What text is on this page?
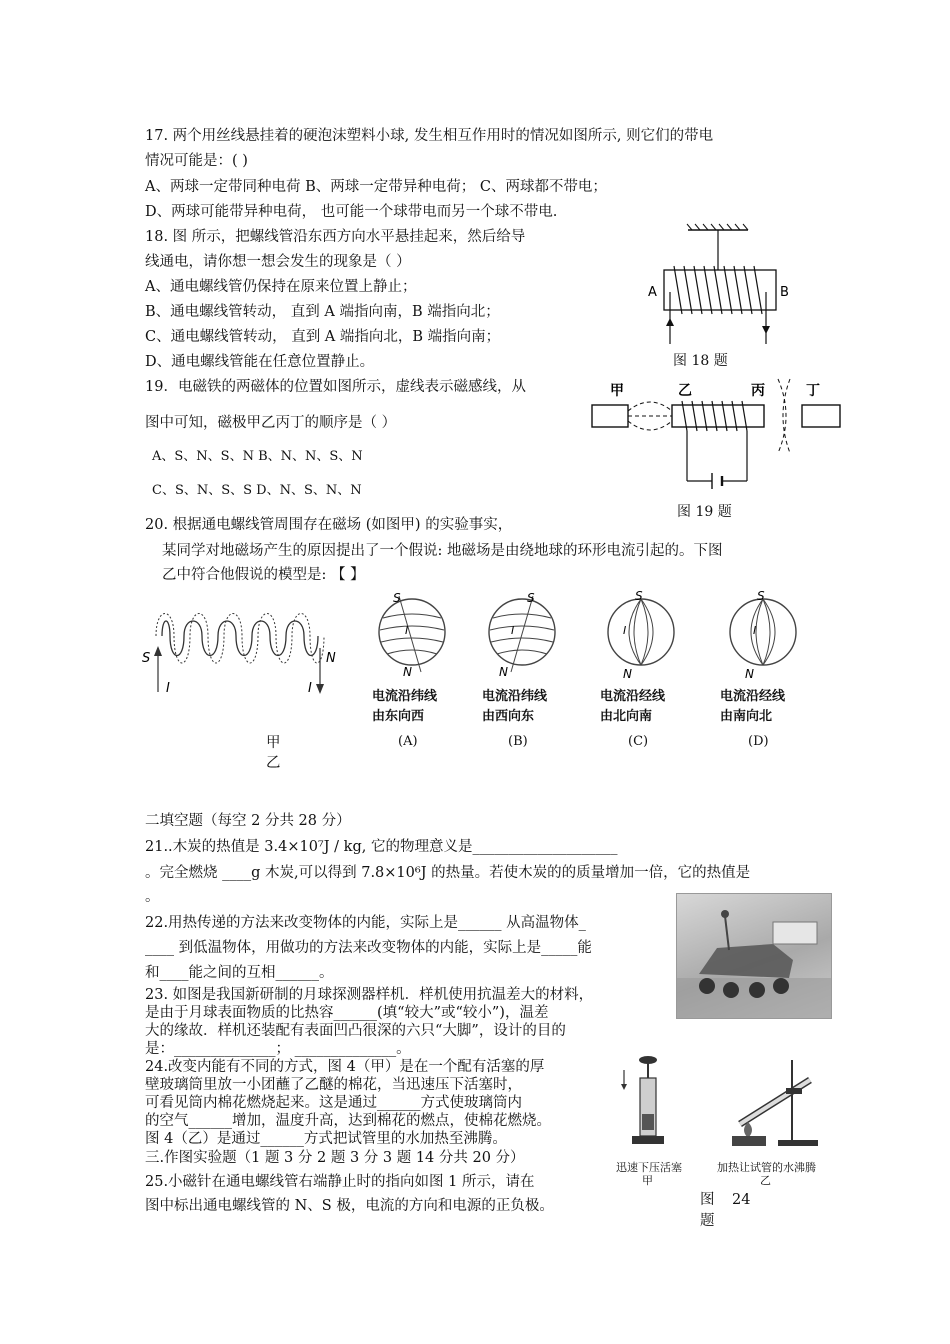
17. 两个用丝线悬挂着的硬泡沫塑料小球, 发生相互作用时的情况如图所示, 则它们的带电
情况可能是：( )
A、两球一定带同种电荷 B、两球一定带异种电荷； C、两球都不带电；
D、两球可能带异种电荷， 也可能一个球带电而另一个球不带电.
18. 图 所示，把螺线管沿东西方向水平悬挂起来，然后给导
线通电，请你想一想会发生的现象是（ ）
A、通电螺线管仍保持在原来位置上静止；
B、通电螺线管转动， 直到 A 端指向南，B 端指向北；
C、通电螺线管转动， 直到 A 端指向北，B 端指向南；
D、通电螺线管能在任意位置静止。
A	B
图 18 题
19．电磁铁的两磁体的位置如图所示，虚线表示磁感线，从
图中可知，磁极甲乙丙丁的顺序是（ ）
A、S、N、S、N B、N、N、S、N
C、S、N、S、S D、N、S、N、N
甲	乙	丙	丁
图 19 题
20. 根据通电螺线管周围存在磁场 (如图甲) 的实验事实，
某同学对地磁场产生的原因提出了一个假说: 地磁场是由绕地球的环形电流引起的。下图
乙中符合他假说的模型是: 【 】
S	N
I	I
S
N
I
S
N
I
S
N
I
S
N
I
电流沿纬线
由东向西
(A)
电流沿纬线
由西向东
(B)
电流沿经线
由北向南
(C)
电流沿经线
由南向北
(D)
甲
乙
二填空题（每空 2 分共 28 分）
21..木炭的热值是 3.4×10⁷J / kg, 它的物理意义是____________________
。完全燃烧 ____g 木炭,可以得到 7.8×10⁶J 的热量。若使木炭的的质量增加一倍，它的热值是
。
22.用热传递的方法来改变物体的内能，实际上是______ 从高温物体_
____ 到低温物体，用做功的方法来改变物体的内能，实际上是_____能
和____能之间的互相______。
23. 如图是我国新研制的月球探测器样机．样机使用抗温差大的材料，
是由于月球表面物质的比热容______(填“较大”或“较小”)，温差
大的缘故．样机还装配有表面凹凸很深的六只“大脚”，设计的目的
是：______________； ______________。
24.改变内能有不同的方式，图 4（甲）是在一个配有活塞的厚
壁玻璃筒里放一小团蘸了乙醚的棉花，当迅速压下活塞时，
可看见筒内棉花燃烧起来。这是通过______方式使玻璃筒内
的空气______增加，温度升高，达到棉花的燃点，使棉花燃烧。
图 4（乙）是通过______方式把试管里的水加热至沸腾。
迅速下压活塞
甲
加热让试管的水沸腾
乙
图 24
题
三.作图实验题（1 题 3 分 2 题 3 分 3 题 14 分共 20 分）
25.小磁针在通电螺线管右端静止时的指向如图 1 所示，请在
图中标出通电螺线管的 N、S 极，电流的方向和电源的正负极。
